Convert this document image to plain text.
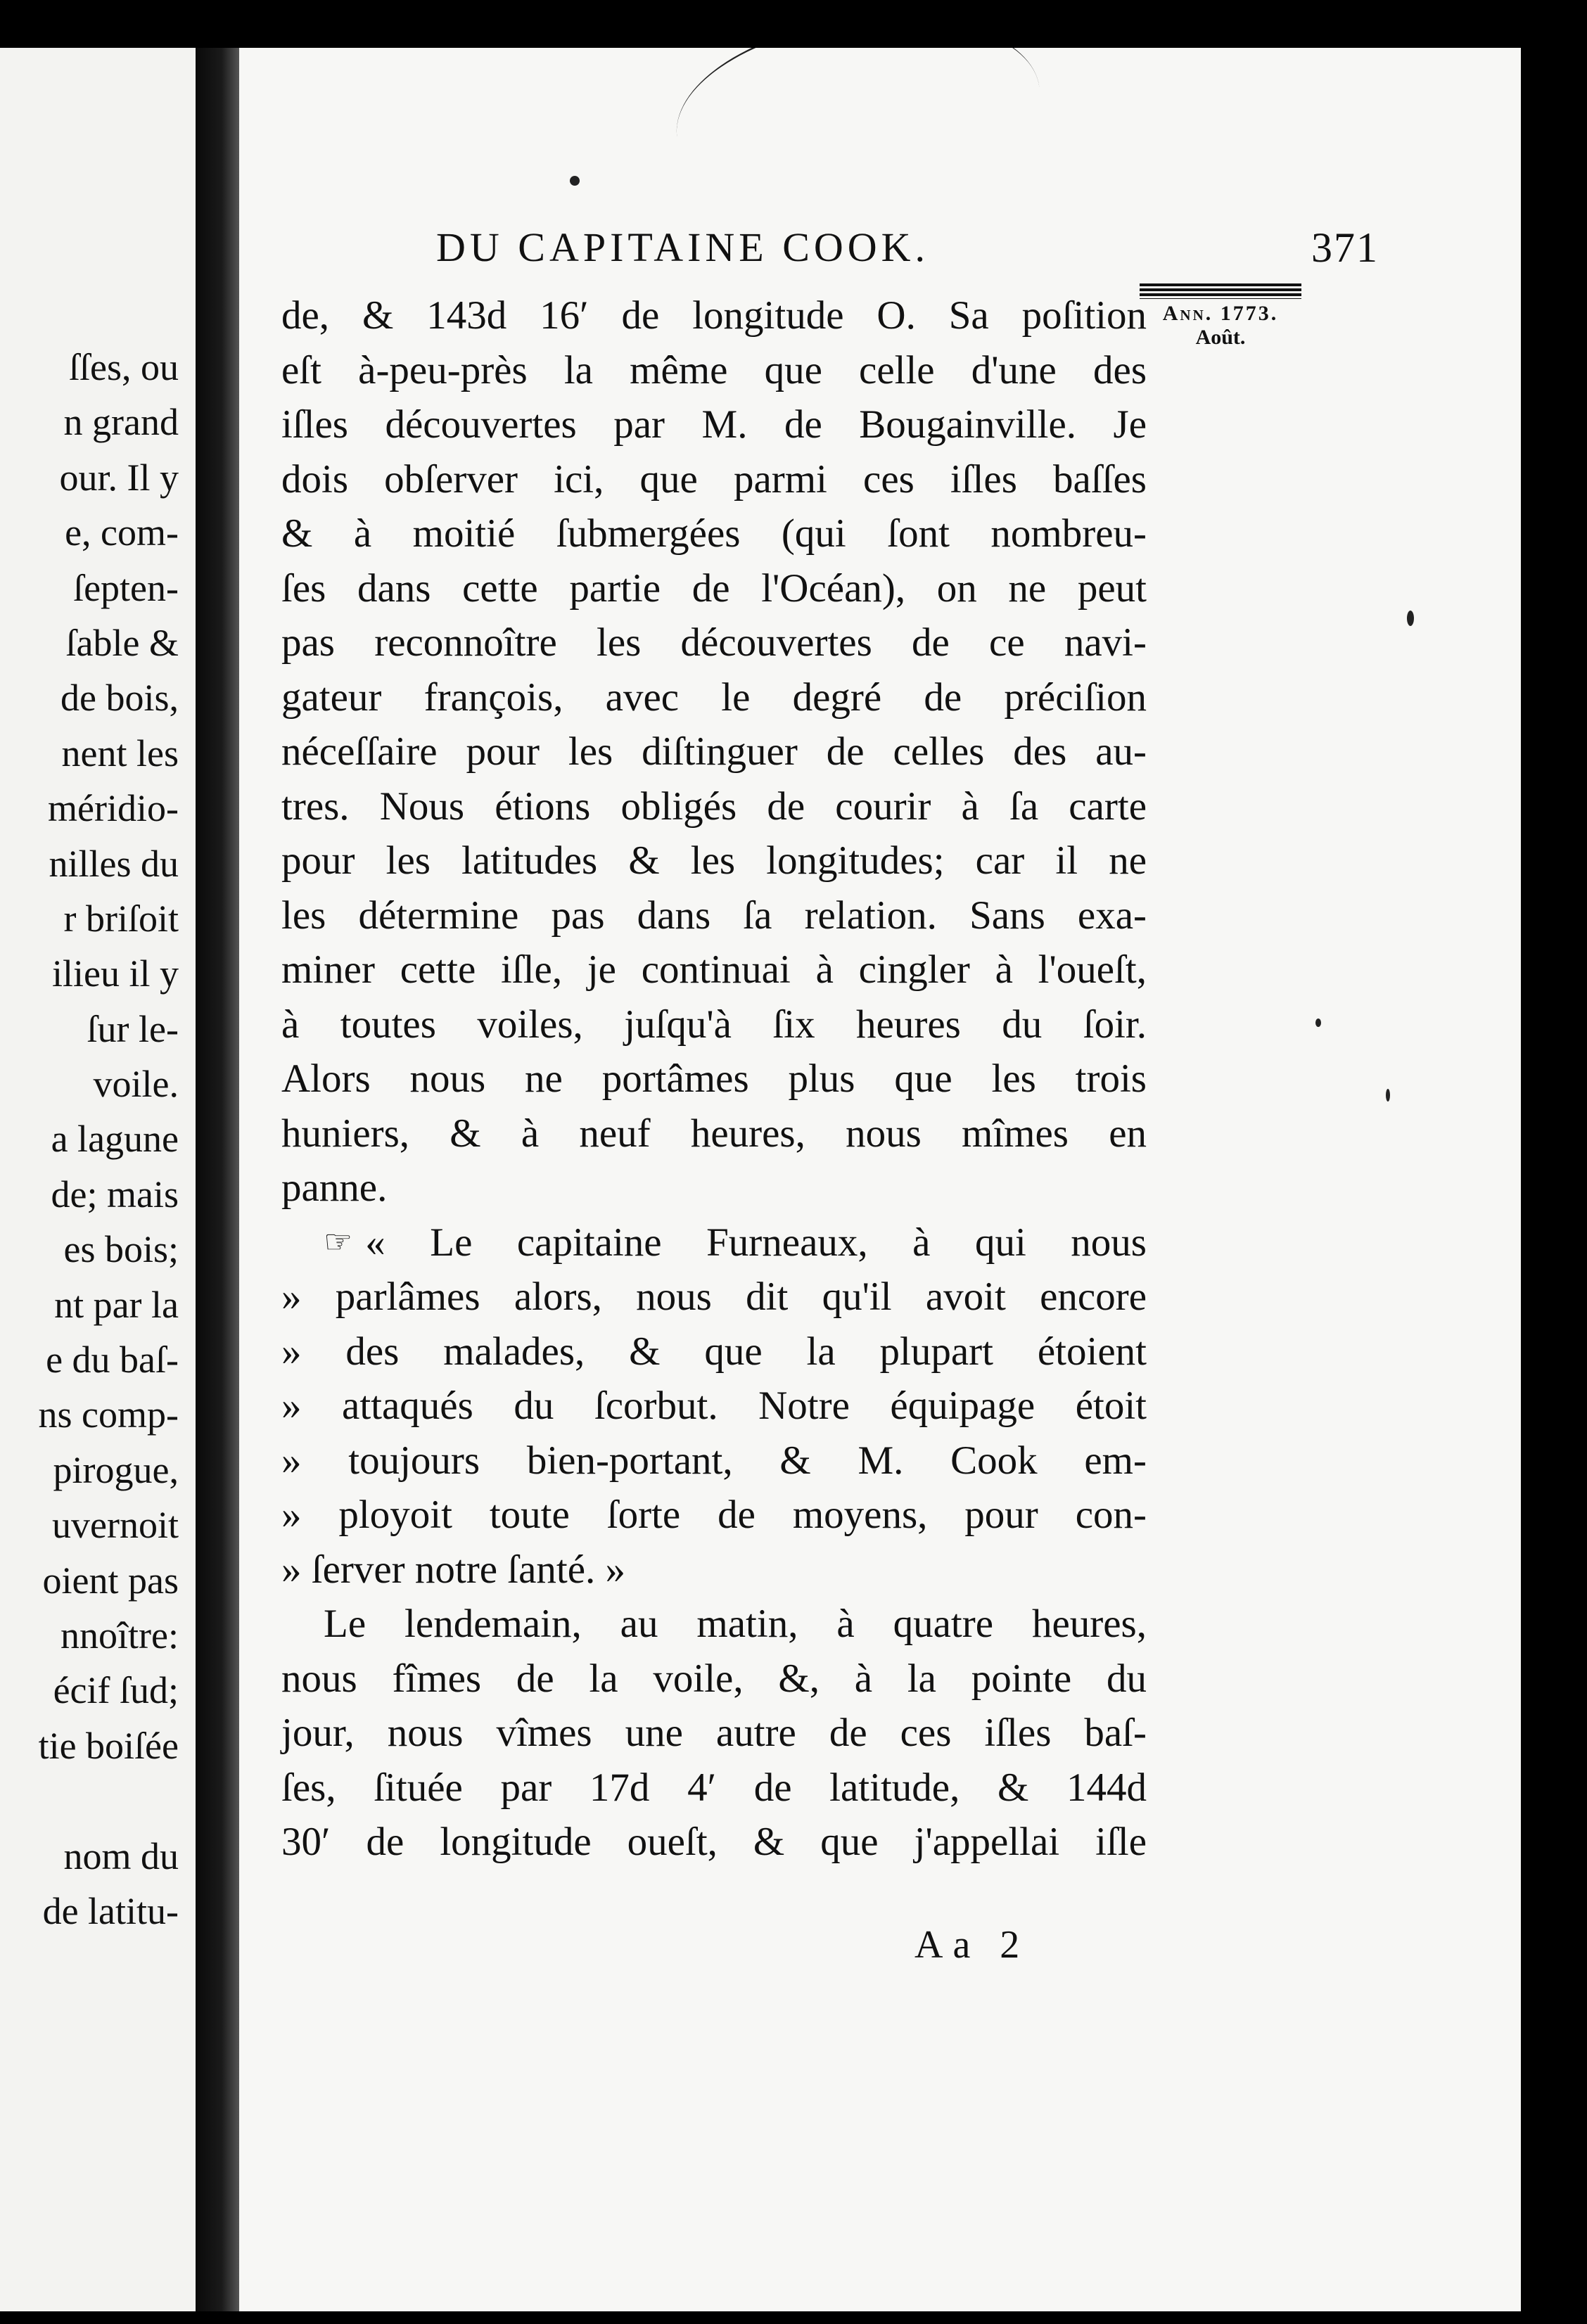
ſſes, ou
n grand
our. Il y
e, com-
ſepten-
ſable &
de bois,
nent les
méridio-
nilles du
r briſoit
ilieu il y
ſur le-
voile.
a lagune
de; mais
es bois;
nt par la
e du baſ-
ns comp-
pirogue,
uvernoit
oient pas
nnoître:
écif ſud;
tie boiſée
nom du
de latitu-
DU CAPITAINE COOK.	371
Ann. 1773.
Août.
de, & 143d 16′ de longitude O. Sa poſition
eſt à-peu-près la même que celle d'une des
iſles découvertes par M. de Bougainville. Je
dois obſerver ici, que parmi ces iſles baſſes
& à moitié ſubmergées (qui ſont nombreu-
ſes dans cette partie de l'Océan), on ne peut
pas reconnoître les découvertes de ce navi-
gateur françois, avec le degré de préciſion
néceſſaire pour les diſtinguer de celles des au-
tres. Nous étions obligés de courir à ſa carte
pour les latitudes & les longitudes; car il ne
les détermine pas dans ſa relation. Sans exa-
miner cette iſle, je continuai à cingler à l'oueſt,
à toutes voiles, juſqu'à ſix heures du ſoir.
Alors nous ne portâmes plus que les trois
huniers, & à neuf heures, nous mîmes en
panne.
☞ « Le capitaine Furneaux, à qui nous
» parlâmes alors, nous dit qu'il avoit encore
» des malades, & que la plupart étoient
» attaqués du ſcorbut. Notre équipage étoit
» toujours bien-portant, & M. Cook em-
» ployoit toute ſorte de moyens, pour con-
» ſerver notre ſanté. »
Le lendemain, au matin, à quatre heures,
nous fîmes de la voile, &, à la pointe du
jour, nous vîmes une autre de ces iſles baſ-
ſes, ſituée par 17d 4′ de latitude, & 144d
30′ de longitude oueſt, & que j'appellai iſle
Aa 2
